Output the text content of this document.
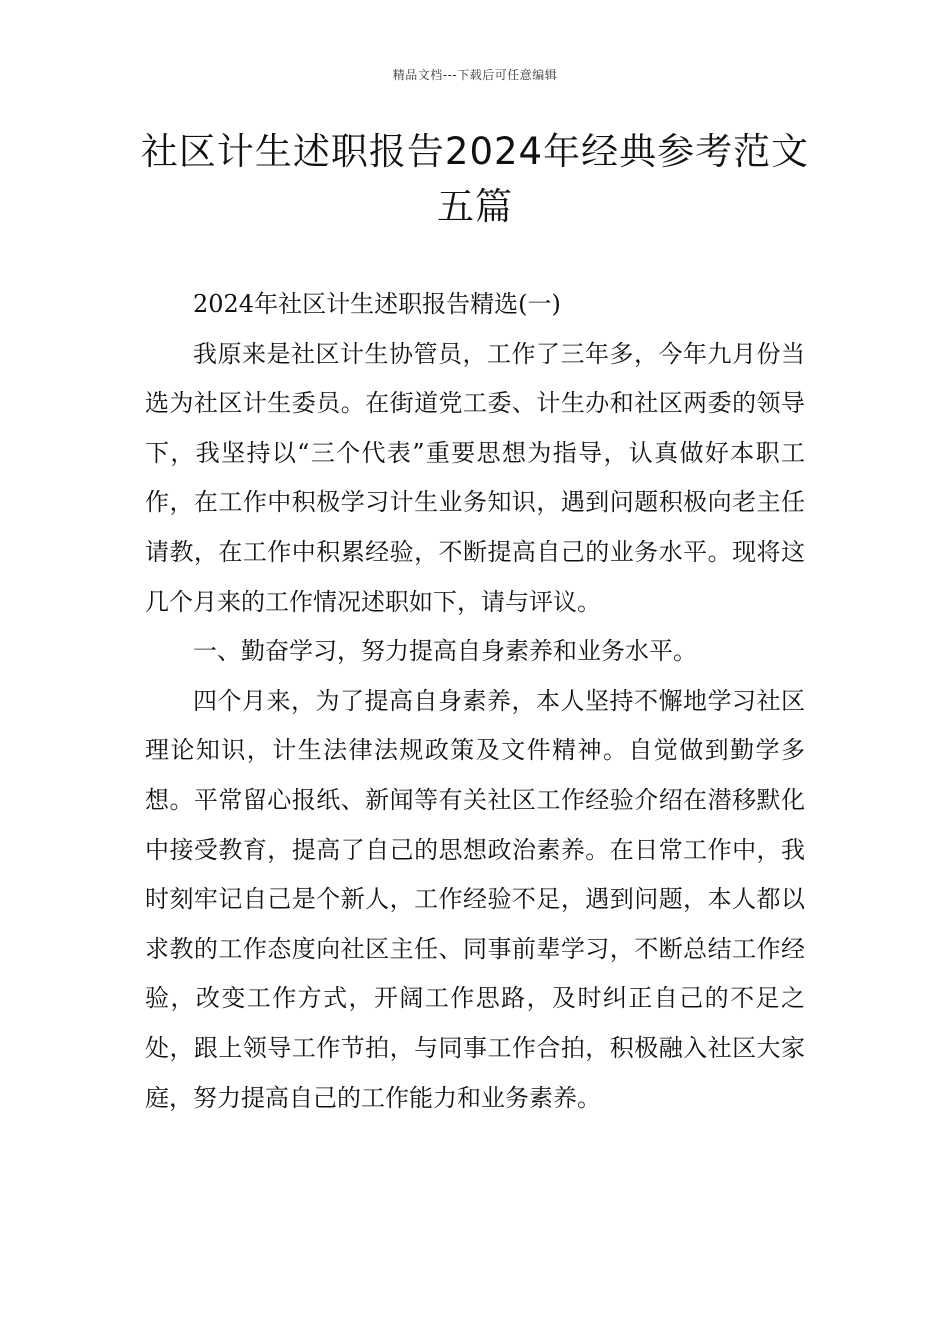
精品文档---下载后可任意编辑
社区计生述职报告2024年经典参考范文五篇

2024年社区计生述职报告精选(一)

我原来是社区计生协管员，工作了三年多，今年九月份当选为社区计生委员。在街道党工委、计生办和社区两委的领导下，我坚持以“三个代表”重要思想为指导，认真做好本职工作，在工作中积极学习计生业务知识，遇到问题积极向老主任请教，在工作中积累经验，不断提高自己的业务水平。现将这几个月来的工作情况述职如下，请与评议。

一、勤奋学习，努力提高自身素养和业务水平。

四个月来，为了提高自身素养，本人坚持不懈地学习社区理论知识，计生法律法规政策及文件精神。自觉做到勤学多想。平常留心报纸、新闻等有关社区工作经验介绍在潜移默化中接受教育，提高了自己的思想政治素养。在日常工作中，我时刻牢记自己是个新人，工作经验不足，遇到问题，本人都以求教的工作态度向社区主任、同事前辈学习，不断总结工作经验，改变工作方式，开阔工作思路，及时纠正自己的不足之处，跟上领导工作节拍，与同事工作合拍，积极融入社区大家庭，努力提高自己的工作能力和业务素养。
